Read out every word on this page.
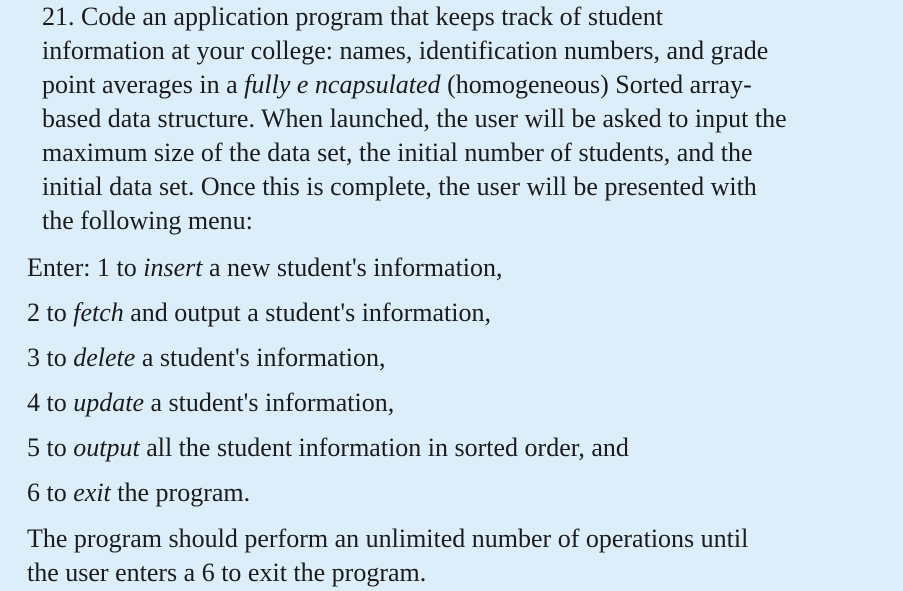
21. Code an application program that keeps track of student
information at your college: names, identification numbers, and grade
point averages in a fully e ncapsulated (homogeneous) Sorted array-
based data structure. When launched, the user will be asked to input the
maximum size of the data set, the initial number of students, and the
initial data set. Once this is complete, the user will be presented with
the following menu:
Enter: 1 to insert a new student's information,
2 to fetch and output a student's information,
3 to delete a student's information,
4 to update a student's information,
5 to output all the student information in sorted order, and
6 to exit the program.
The program should perform an unlimited number of operations until
the user enters a 6 to exit the program.
